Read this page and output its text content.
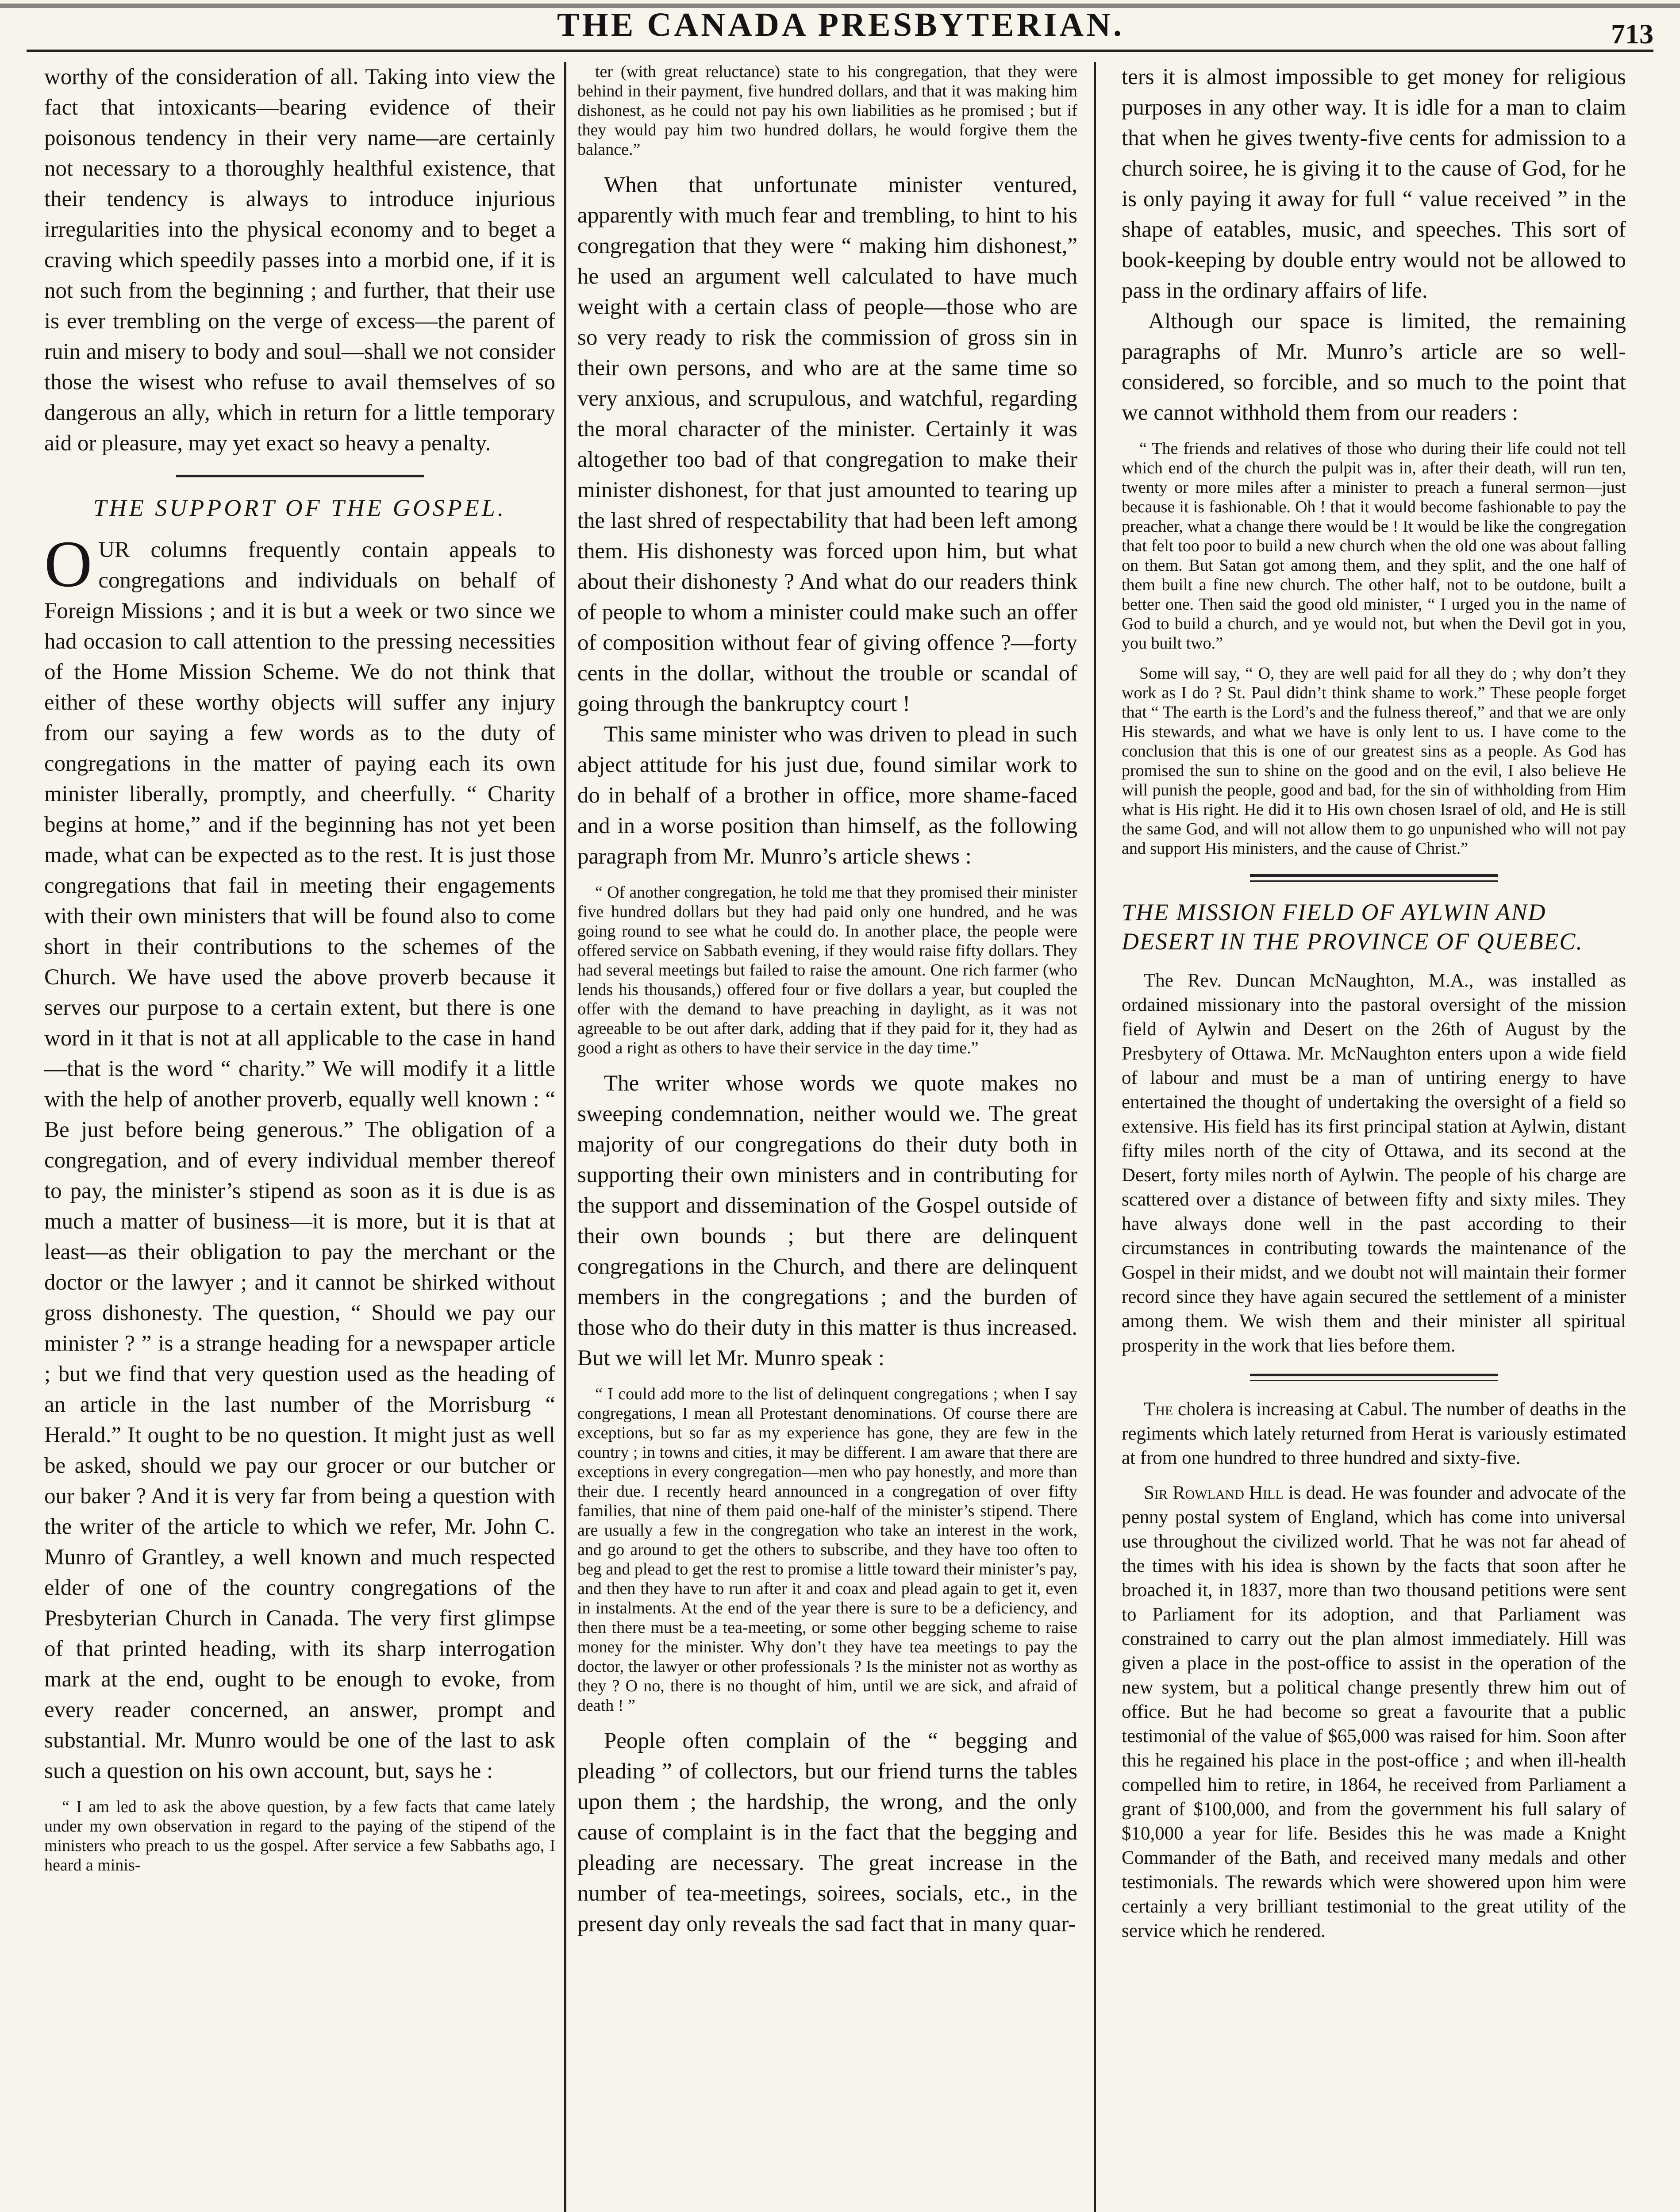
THE CANADA PRESBYTERIAN.	713

worthy of the consideration of all. Taking into view the fact that intoxicants—bearing evidence of their poisonous tendency in their very name—are certainly not necessary to a thoroughly healthful existence, that their tendency is always to introduce injurious irregularities into the physical economy and to beget a craving which speedily passes into a morbid one, if it is not such from the beginning ; and further, that their use is ever trembling on the verge of excess—the parent of ruin and misery to body and soul—shall we not consider those the wisest who refuse to avail themselves of so dangerous an ally, which in return for a little temporary aid or pleasure, may yet exact so heavy a penalty.

THE SUPPORT OF THE GOSPEL.

OUR columns frequently contain appeals to congregations and individuals on behalf of Foreign Missions ; and it is but a week or two since we had occasion to call attention to the pressing necessities of the Home Mission Scheme. We do not think that either of these worthy objects will suffer any injury from our saying a few words as to the duty of congregations in the matter of paying each its own minister liberally, promptly, and cheerfully. “ Charity begins at home,” and if the beginning has not yet been made, what can be expected as to the rest. It is just those congregations that fail in meeting their engagements with their own ministers that will be found also to come short in their contributions to the schemes of the Church. We have used the above proverb because it serves our purpose to a certain extent, but there is one word in it that is not at all applicable to the case in hand—that is the word “ charity.” We will modify it a little with the help of another proverb, equally well known : “ Be just before being generous.” The obligation of a congregation, and of every individual member thereof to pay, the minister’s stipend as soon as it is due is as much a matter of business—it is more, but it is that at least—as their obligation to pay the merchant or the doctor or the lawyer ; and it cannot be shirked without gross dishonesty. The question, “ Should we pay our minister ? ” is a strange heading for a newspaper article ; but we find that very question used as the heading of an article in the last number of the Morrisburg “ Herald.” It ought to be no question. It might just as well be asked, should we pay our grocer or our butcher or our baker ? And it is very far from being a question with the writer of the article to which we refer, Mr. John C. Munro of Grantley, a well known and much respected elder of one of the country congregations of the Presbyterian Church in Canada. The very first glimpse of that printed heading, with its sharp interrogation mark at the end, ought to be enough to evoke, from every reader concerned, an answer, prompt and substantial. Mr. Munro would be one of the last to ask such a question on his own account, but, says he :

“ I am led to ask the above question, by a few facts that came lately under my own observation in regard to the paying of the stipend of the ministers who preach to us the gospel. After service a few Sabbaths ago, I heard a minis-

ter (with great reluctance) state to his congregation, that they were behind in their payment, five hundred dollars, and that it was making him dishonest, as he could not pay his own liabilities as he promised ; but if they would pay him two hundred dollars, he would forgive them the balance.”

When that unfortunate minister ventured, apparently with much fear and trembling, to hint to his congregation that they were “ making him dishonest,” he used an argument well calculated to have much weight with a certain class of people—those who are so very ready to risk the commission of gross sin in their own persons, and who are at the same time so very anxious, and scrupulous, and watchful, regarding the moral character of the minister. Certainly it was altogether too bad of that congregation to make their minister dishonest, for that just amounted to tearing up the last shred of respectability that had been left among them. His dishonesty was forced upon him, but what about their dishonesty ? And what do our readers think of people to whom a minister could make such an offer of composition without fear of giving offence ?—forty cents in the dollar, without the trouble or scandal of going through the bankruptcy court !

This same minister who was driven to plead in such abject attitude for his just due, found similar work to do in behalf of a brother in office, more shame-faced and in a worse position than himself, as the following paragraph from Mr. Munro’s article shews :

“ Of another congregation, he told me that they promised their minister five hundred dollars but they had paid only one hundred, and he was going round to see what he could do. In another place, the people were offered service on Sabbath evening, if they would raise fifty dollars. They had several meetings but failed to raise the amount. One rich farmer (who lends his thousands,) offered four or five dollars a year, but coupled the offer with the demand to have preaching in daylight, as it was not agreeable to be out after dark, adding that if they paid for it, they had as good a right as others to have their service in the day time.”

The writer whose words we quote makes no sweeping condemnation, neither would we. The great majority of our congregations do their duty both in supporting their own ministers and in contributing for the support and dissemination of the Gospel outside of their own bounds ; but there are delinquent congregations in the Church, and there are delinquent members in the congregations ; and the burden of those who do their duty in this matter is thus increased. But we will let Mr. Munro speak :

“ I could add more to the list of delinquent congregations ; when I say congregations, I mean all Protestant denominations. Of course there are exceptions, but so far as my experience has gone, they are few in the country ; in towns and cities, it may be different. I am aware that there are exceptions in every congregation—men who pay honestly, and more than their due. I recently heard announced in a congregation of over fifty families, that nine of them paid one-half of the minister’s stipend. There are usually a few in the congregation who take an interest in the work, and go around to get the others to subscribe, and they have too often to beg and plead to get the rest to promise a little toward their minister’s pay, and then they have to run after it and coax and plead again to get it, even in instalments. At the end of the year there is sure to be a deficiency, and then there must be a tea-meeting, or some other begging scheme to raise money for the minister. Why don’t they have tea meetings to pay the doctor, the lawyer or other professionals ? Is the minister not as worthy as they ? O no, there is no thought of him, until we are sick, and afraid of death ! ”

People often complain of the “ begging and pleading ” of collectors, but our friend turns the tables upon them ; the hardship, the wrong, and the only cause of complaint is in the fact that the begging and pleading are necessary. The great increase in the number of tea-meetings, soirees, socials, etc., in the present day only reveals the sad fact that in many quar-

ters it is almost impossible to get money for religious purposes in any other way. It is idle for a man to claim that when he gives twenty-five cents for admission to a church soiree, he is giving it to the cause of God, for he is only paying it away for full “ value received ” in the shape of eatables, music, and speeches. This sort of book-keeping by double entry would not be allowed to pass in the ordinary affairs of life.

Although our space is limited, the remaining paragraphs of Mr. Munro’s article are so well-considered, so forcible, and so much to the point that we cannot withhold them from our readers :

“ The friends and relatives of those who during their life could not tell which end of the church the pulpit was in, after their death, will run ten, twenty or more miles after a minister to preach a funeral sermon—just because it is fashionable. Oh ! that it would become fashionable to pay the preacher, what a change there would be ! It would be like the congregation that felt too poor to build a new church when the old one was about falling on them. But Satan got among them, and they split, and the one half of them built a fine new church. The other half, not to be outdone, built a better one. Then said the good old minister, “ I urged you in the name of God to build a church, and ye would not, but when the Devil got in you, you built two.”

Some will say, “ O, they are well paid for all they do ; why don’t they work as I do ? St. Paul didn’t think shame to work.” These people forget that “ The earth is the Lord’s and the fulness thereof,” and that we are only His stewards, and what we have is only lent to us. I have come to the conclusion that this is one of our greatest sins as a people. As God has promised the sun to shine on the good and on the evil, I also believe He will punish the people, good and bad, for the sin of withholding from Him what is His right. He did it to His own chosen Israel of old, and He is still the same God, and will not allow them to go unpunished who will not pay and support His ministers, and the cause of Christ.”

THE MISSION FIELD OF AYLWIN AND DESERT IN THE PROVINCE OF QUEBEC.

The Rev. Duncan McNaughton, M.A., was installed as ordained missionary into the pastoral oversight of the mission field of Aylwin and Desert on the 26th of August by the Presbytery of Ottawa. Mr. McNaughton enters upon a wide field of labour and must be a man of untiring energy to have entertained the thought of undertaking the oversight of a field so extensive. His field has its first principal station at Aylwin, distant fifty miles north of the city of Ottawa, and its second at the Desert, forty miles north of Aylwin. The people of his charge are scattered over a distance of between fifty and sixty miles. They have always done well in the past according to their circumstances in contributing towards the maintenance of the Gospel in their midst, and we doubt not will maintain their former record since they have again secured the settlement of a minister among them. We wish them and their minister all spiritual prosperity in the work that lies before them.

The cholera is increasing at Cabul. The number of deaths in the regiments which lately returned from Herat is variously estimated at from one hundred to three hundred and sixty-five.

Sir Rowland Hill is dead. He was founder and advocate of the penny postal system of England, which has come into universal use throughout the civilized world. That he was not far ahead of the times with his idea is shown by the facts that soon after he broached it, in 1837, more than two thousand petitions were sent to Parliament for its adoption, and that Parliament was constrained to carry out the plan almost immediately. Hill was given a place in the post-office to assist in the operation of the new system, but a political change presently threw him out of office. But he had become so great a favourite that a public testimonial of the value of $65,000 was raised for him. Soon after this he regained his place in the post-office ; and when ill-health compelled him to retire, in 1864, he received from Parliament a grant of $100,000, and from the government his full salary of $10,000 a year for life. Besides this he was made a Knight Commander of the Bath, and received many medals and other testimonials. The rewards which were showered upon him were certainly a very brilliant testimonial to the great utility of the service which he rendered.
